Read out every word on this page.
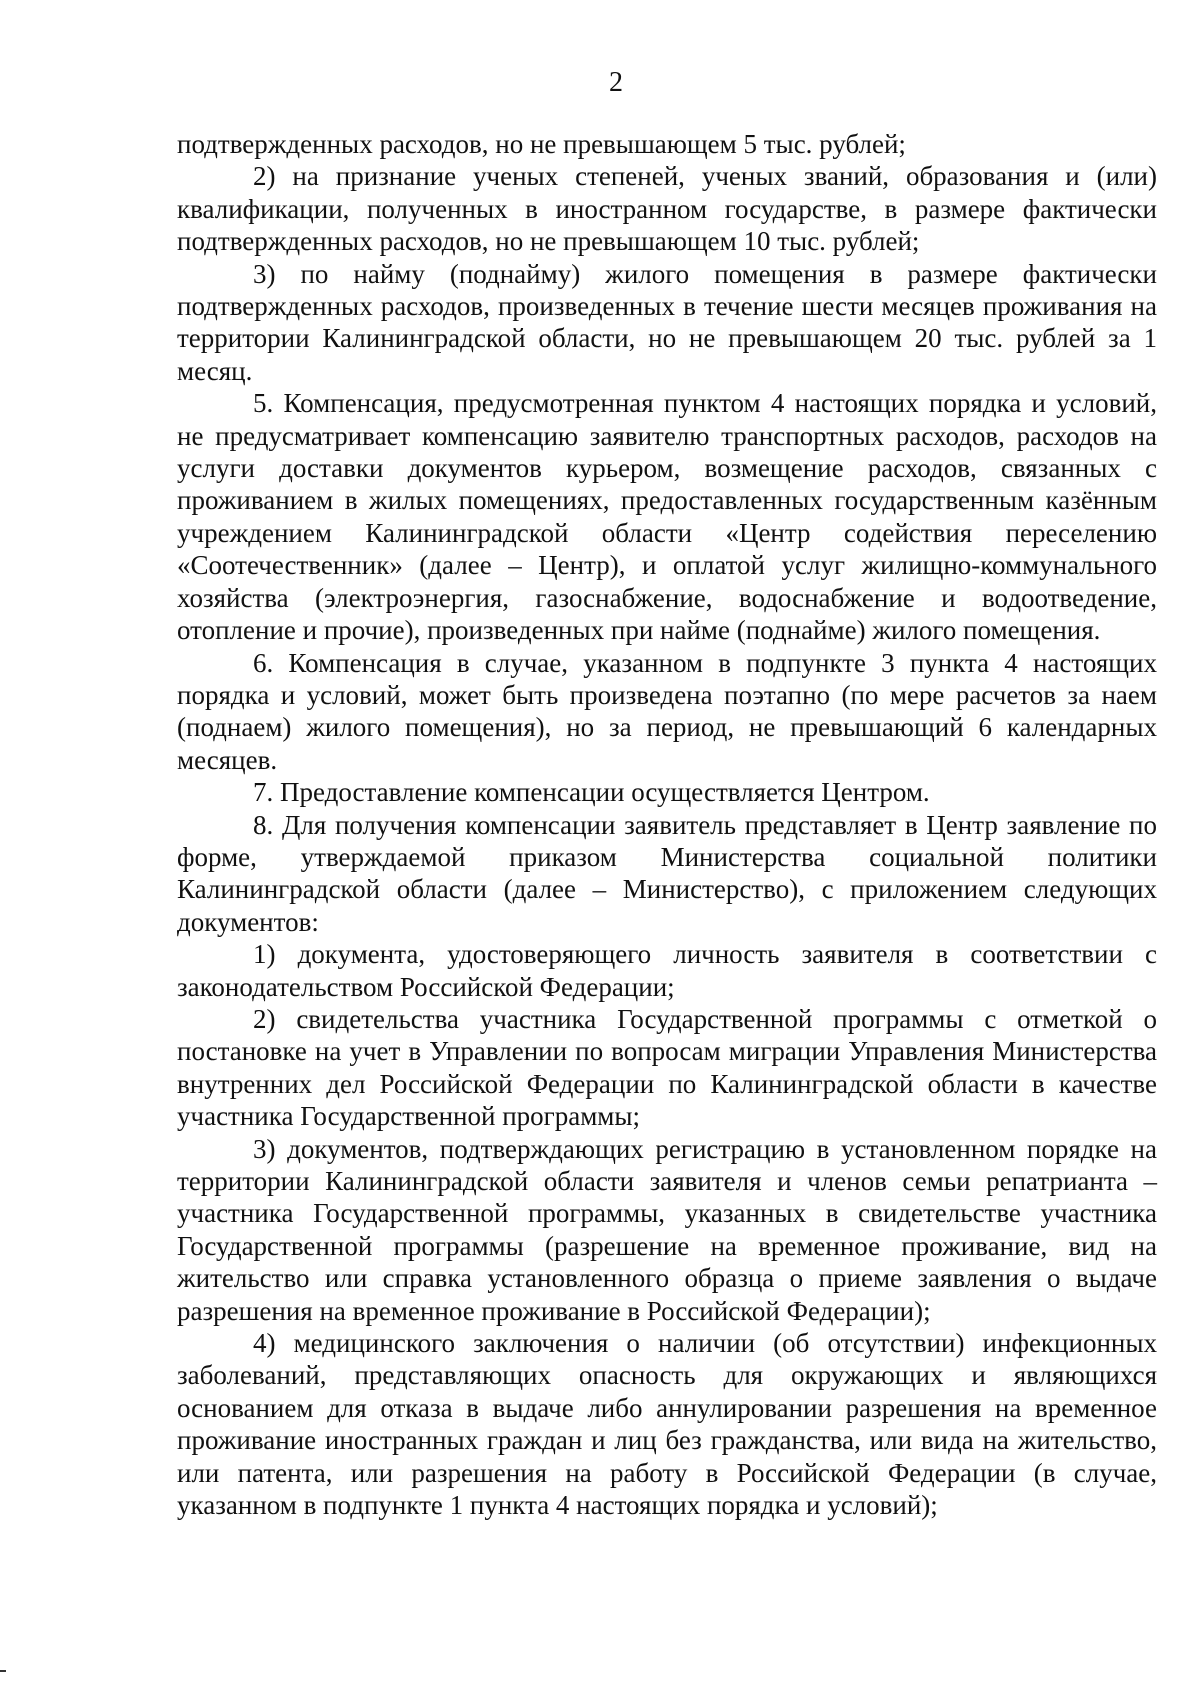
2

подтвержденных расходов, но не превышающем 5 тыс. рублей;

2) на признание ученых степеней, ученых званий, образования и (или) квалификации, полученных в иностранном государстве, в размере фактически подтвержденных расходов, но не превышающем 10 тыс. рублей;

3) по найму (поднайму) жилого помещения в размере фактически подтвержденных расходов, произведенных в течение шести месяцев проживания на территории Калининградской области, но не превышающем 20 тыс. рублей за 1 месяц.

5. Компенсация, предусмотренная пунктом 4 настоящих порядка и условий, не предусматривает компенсацию заявителю транспортных расходов, расходов на услуги доставки документов курьером, возмещение расходов, связанных с проживанием в жилых помещениях, предоставленных государственным казённым учреждением Калининградской области «Центр содействия переселению «Соотечественник» (далее – Центр), и оплатой услуг жилищно-коммунального хозяйства (электроэнергия, газоснабжение, водоснабжение и водоотведение, отопление и прочие), произведенных при найме (поднайме) жилого помещения.

6. Компенсация в случае, указанном в подпункте 3 пункта 4 настоящих порядка и условий, может быть произведена поэтапно (по мере расчетов за наем (поднаем) жилого помещения), но за период, не превышающий 6 календарных месяцев.

7. Предоставление компенсации осуществляется Центром.

8. Для получения компенсации заявитель представляет в Центр заявление по форме, утверждаемой приказом Министерства социальной политики Калининградской области (далее – Министерство), с приложением следующих документов:

1) документа, удостоверяющего личность заявителя в соответствии с законодательством Российской Федерации;

2) свидетельства участника Государственной программы с отметкой о постановке на учет в Управлении по вопросам миграции Управления Министерства внутренних дел Российской Федерации по Калининградской области в качестве участника Государственной программы;

3) документов, подтверждающих регистрацию в установленном порядке на территории Калининградской области заявителя и членов семьи репатрианта – участника Государственной программы, указанных в свидетельстве участника Государственной программы (разрешение на временное проживание, вид на жительство или справка установленного образца о приеме заявления о выдаче разрешения на временное проживание в Российской Федерации);

4) медицинского заключения о наличии (об отсутствии) инфекционных заболеваний, представляющих опасность для окружающих и являющихся основанием для отказа в выдаче либо аннулировании разрешения на временное проживание иностранных граждан и лиц без гражданства, или вида на жительство, или патента, или разрешения на работу в Российской Федерации (в случае, указанном в подпункте 1 пункта 4 настоящих порядка и условий);
